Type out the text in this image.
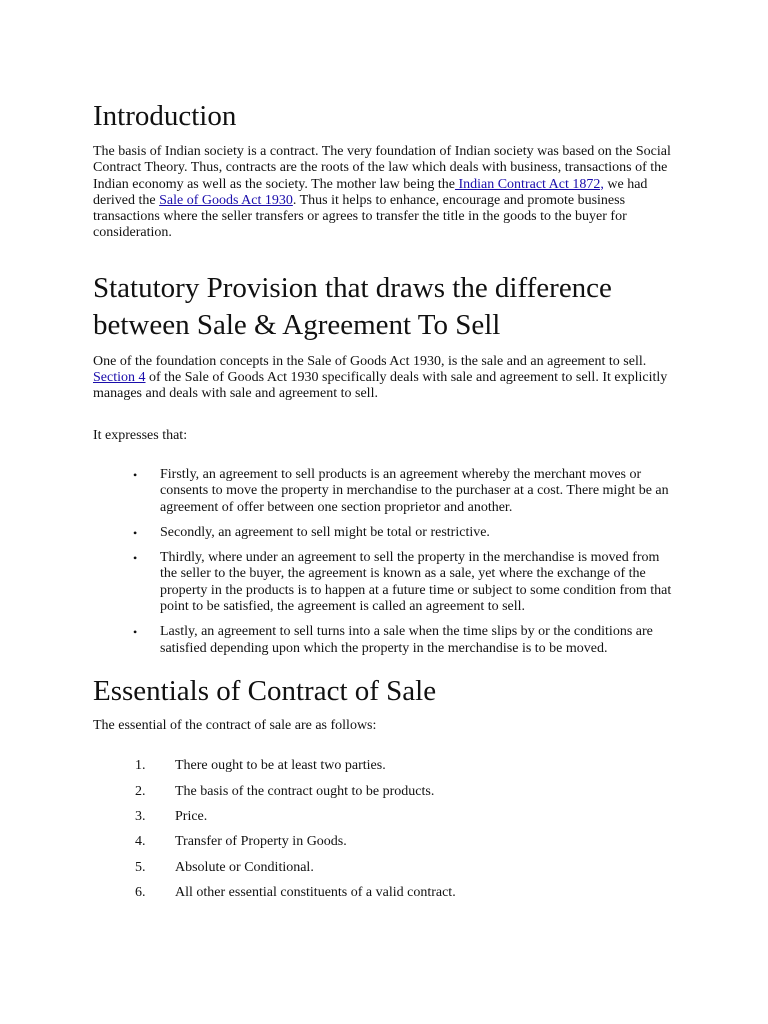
Introduction

The basis of Indian society is a contract. The very foundation of Indian society was based on the Social Contract Theory. Thus, contracts are the roots of the law which deals with business, transactions of the Indian economy as well as the society. The mother law being the Indian Contract Act 1872, we had derived the Sale of Goods Act 1930. Thus it helps to enhance, encourage and promote business transactions where the seller transfers or agrees to transfer the title in the goods to the buyer for consideration.

Statutory Provision that draws the difference between Sale & Agreement To Sell

One of the foundation concepts in the Sale of Goods Act 1930, is the sale and an agreement to sell. Section 4 of the Sale of Goods Act 1930 specifically deals with sale and agreement to sell. It explicitly manages and deals with sale and agreement to sell.

It expresses that:

• Firstly, an agreement to sell products is an agreement whereby the merchant moves or consents to move the property in merchandise to the purchaser at a cost. There might be an agreement of offer between one section proprietor and another.
• Secondly, an agreement to sell might be total or restrictive.
• Thirdly, where under an agreement to sell the property in the merchandise is moved from the seller to the buyer, the agreement is known as a sale, yet where the exchange of the property in the products is to happen at a future time or subject to some condition from that point to be satisfied, the agreement is called an agreement to sell.
• Lastly, an agreement to sell turns into a sale when the time slips by or the conditions are satisfied depending upon which the property in the merchandise is to be moved.
Essentials of Contract of Sale

The essential of the contract of sale are as follows:

1. There ought to be at least two parties.
2. The basis of the contract ought to be products.
3. Price.
4. Transfer of Property in Goods.
5. Absolute or Conditional.
6. All other essential constituents of a valid contract.
